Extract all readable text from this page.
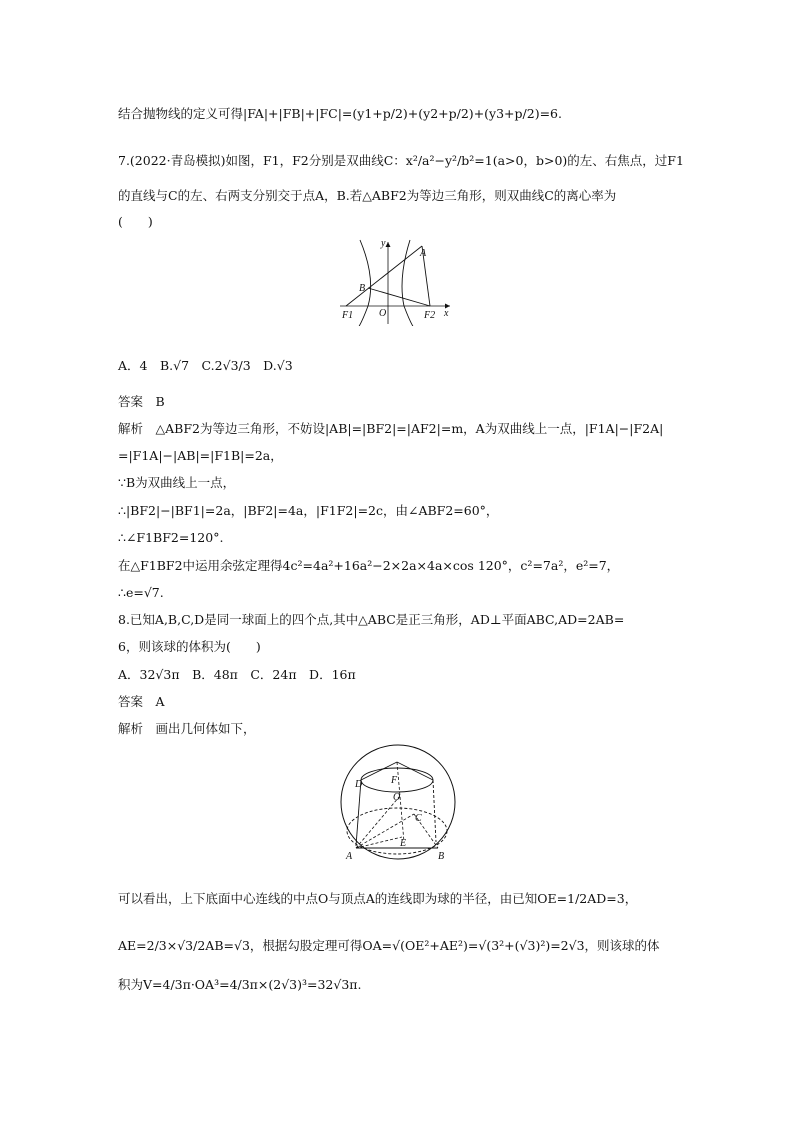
结合抛物线的定义可得|FA|+|FB|+|FC|=(y1+p/2)+(y2+p/2)+(y3+p/2)=6.
7.(2022·青岛模拟)如图，F1，F2分别是双曲线C：x²/a²−y²/b²=1(a>0，b>0)的左、右焦点，过F1
的直线与C的左、右两支分别交于点A，B.若△ABF2为等边三角形，则双曲线C的离心率为
(　　)
y
x
A
B
F1	O	F2
A．4　B.√7　C.2√3/3　D.√3
答案　B
解析　△ABF2为等边三角形，不妨设|AB|=|BF2|=|AF2|=m，A为双曲线上一点，|F1A|−|F2A|
=|F1A|−|AB|=|F1B|=2a，
∵B为双曲线上一点，
∴|BF2|−|BF1|=2a，|BF2|=4a，|F1F2|=2c，由∠ABF2=60°，
∴∠F1BF2=120°.
在△F1BF2中运用余弦定理得4c²=4a²+16a²−2×2a×4a×cos 120°，c²=7a²，e²=7，
∴e=√7.
8.已知A,B,C,D是同一球面上的四个点,其中△ABC是正三角形，AD⊥平面ABC,AD=2AB=
6，则该球的体积为(　　)
A．32√3π　B．48π　C．24π　D．16π
答案　A
解析　画出几何体如下，
D	F
O
C
E
A	B
可以看出，上下底面中心连线的中点O与顶点A的连线即为球的半径，由已知OE=1/2AD=3，
AE=2/3×√3/2AB=√3，根据勾股定理可得OA=√(OE²+AE²)=√(3²+(√3)²)=2√3，则该球的体
积为V=4/3π·OA³=4/3π×(2√3)³=32√3π.
